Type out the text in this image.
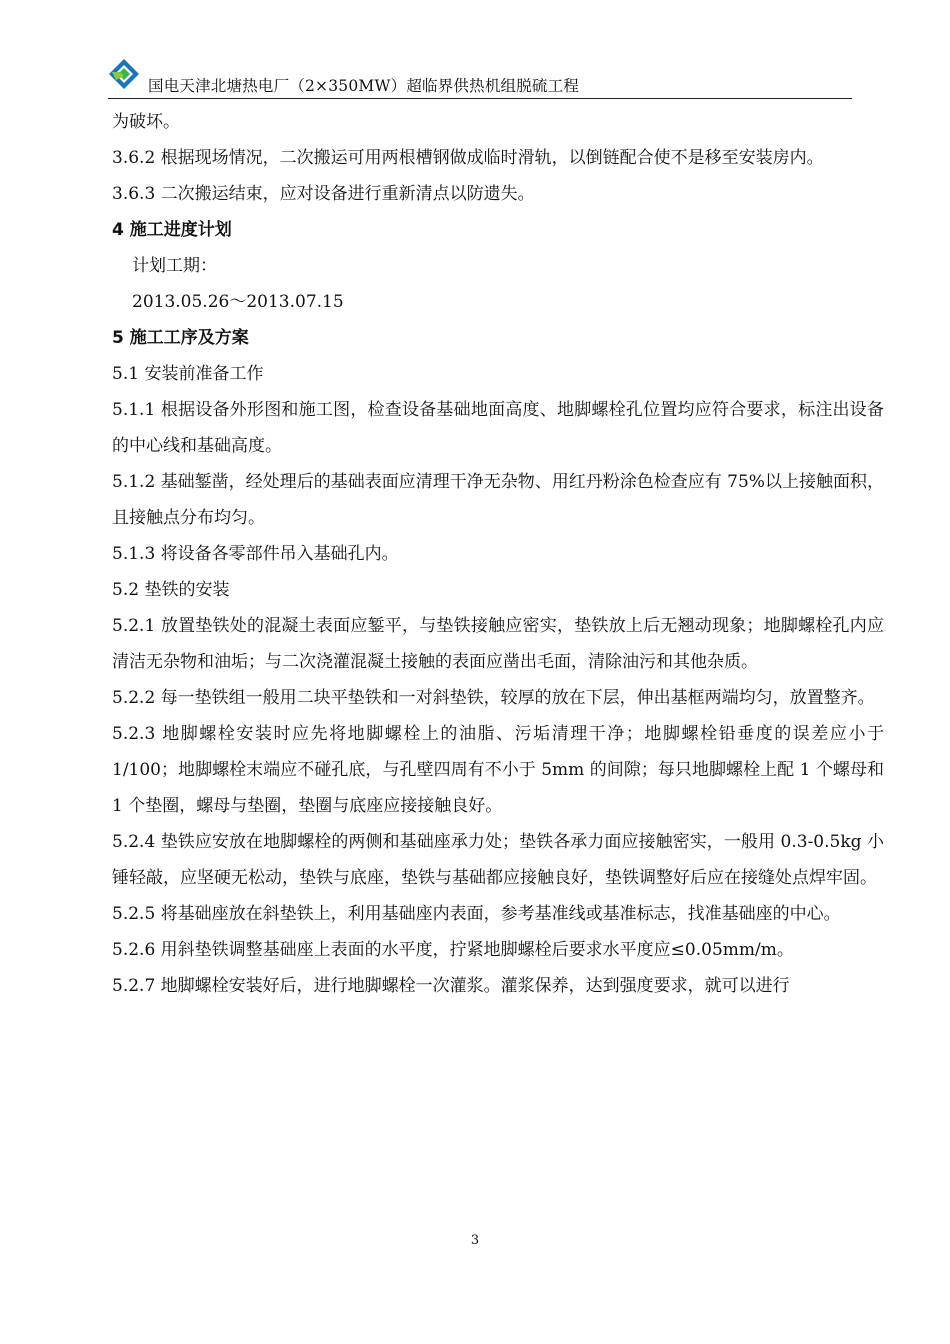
国电天津北塘热电厂（2×350MW）超临界供热机组脱硫工程

为破坏。

3.6.2 根据现场情况，二次搬运可用两根槽钢做成临时滑轨，以倒链配合使不是移至安装房内。

3.6.3 二次搬运结束，应对设备进行重新清点以防遗失。

4 施工进度计划

计划工期：

2013.05.26～2013.07.15

5 施工工序及方案

5.1 安装前准备工作

5.1.1 根据设备外形图和施工图，检查设备基础地面高度、地脚螺栓孔位置均应符合要求，标注出设备的中心线和基础高度。

5.1.2 基础錾凿，经处理后的基础表面应清理干净无杂物、用红丹粉涂色检查应有 75%以上接触面积，且接触点分布均匀。

5.1.3 将设备各零部件吊入基础孔内。

5.2 垫铁的安装

5.2.1 放置垫铁处的混凝土表面应錾平，与垫铁接触应密实，垫铁放上后无翘动现象；地脚螺栓孔内应清洁无杂物和油垢；与二次浇灌混凝土接触的表面应凿出毛面，清除油污和其他杂质。

5.2.2 每一垫铁组一般用二块平垫铁和一对斜垫铁，较厚的放在下层，伸出基框两端均匀，放置整齐。

5.2.3 地脚螺栓安装时应先将地脚螺栓上的油脂、污垢清理干净；地脚螺栓铅垂度的误差应小于 1/100；地脚螺栓末端应不碰孔底，与孔壁四周有不小于 5mm 的间隙；每只地脚螺栓上配 1 个螺母和 1 个垫圈，螺母与垫圈，垫圈与底座应接接触良好。

5.2.4 垫铁应安放在地脚螺栓的两侧和基础座承力处；垫铁各承力面应接触密实，一般用 0.3-0.5kg 小锤轻敲，应坚硬无松动，垫铁与底座，垫铁与基础都应接触良好，垫铁调整好后应在接缝处点焊牢固。

5.2.5 将基础座放在斜垫铁上，利用基础座内表面，参考基准线或基准标志，找准基础座的中心。

5.2.6 用斜垫铁调整基础座上表面的水平度，拧紧地脚螺栓后要求水平度应≤0.05mm/m。

5.2.7 地脚螺栓安装好后，进行地脚螺栓一次灌浆。灌浆保养，达到强度要求，就可以进行

3
